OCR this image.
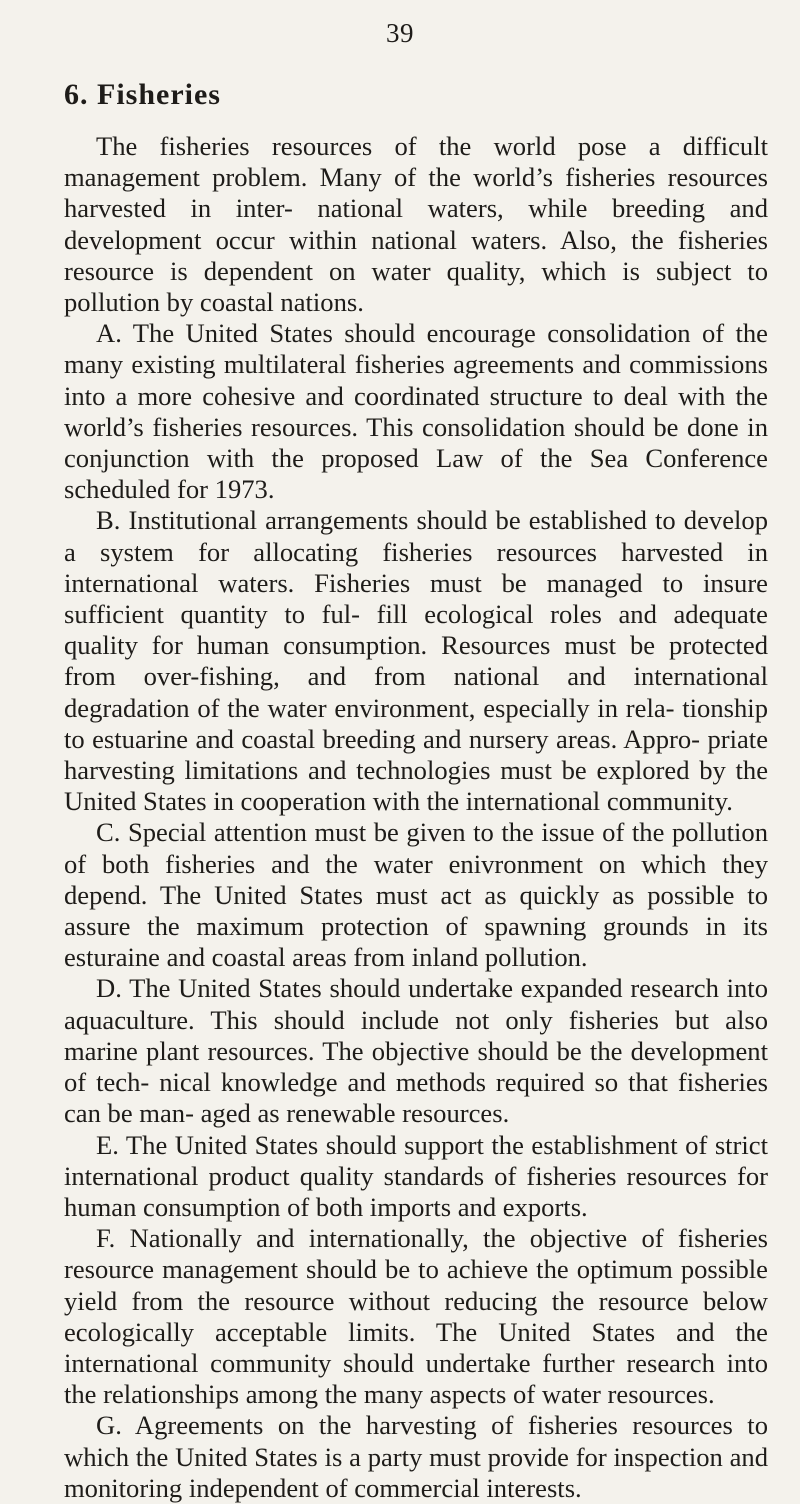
39
6. Fisheries

The fisheries resources of the world pose a difficult management problem. Many of the world’s fisheries resources harvested in inter- national waters, while breeding and development occur within national waters. Also, the fisheries resource is dependent on water quality, which is subject to pollution by coastal nations.

A. The United States should encourage consolidation of the many existing multilateral fisheries agreements and commissions into a more cohesive and coordinated structure to deal with the world’s fisheries resources. This consolidation should be done in conjunction with the proposed Law of the Sea Conference scheduled for 1973.

B. Institutional arrangements should be established to develop a system for allocating fisheries resources harvested in international waters. Fisheries must be managed to insure sufficient quantity to ful- fill ecological roles and adequate quality for human consumption. Resources must be protected from over-fishing, and from national and international degradation of the water environment, especially in rela- tionship to estuarine and coastal breeding and nursery areas. Appro- priate harvesting limitations and technologies must be explored by the United States in cooperation with the international community.

C. Special attention must be given to the issue of the pollution of both fisheries and the water enivronment on which they depend. The United States must act as quickly as possible to assure the maximum protection of spawning grounds in its esturaine and coastal areas from inland pollution.

D. The United States should undertake expanded research into aquaculture. This should include not only fisheries but also marine plant resources. The objective should be the development of tech- nical knowledge and methods required so that fisheries can be man- aged as renewable resources.

E. The United States should support the establishment of strict international product quality standards of fisheries resources for human consumption of both imports and exports.

F. Nationally and internationally, the objective of fisheries resource management should be to achieve the optimum possible yield from the resource without reducing the resource below ecologically acceptable limits. The United States and the international community should undertake further research into the relationships among the many aspects of water resources.

G. Agreements on the harvesting of fisheries resources to which the United States is a party must provide for inspection and monitoring independent of commercial interests.
